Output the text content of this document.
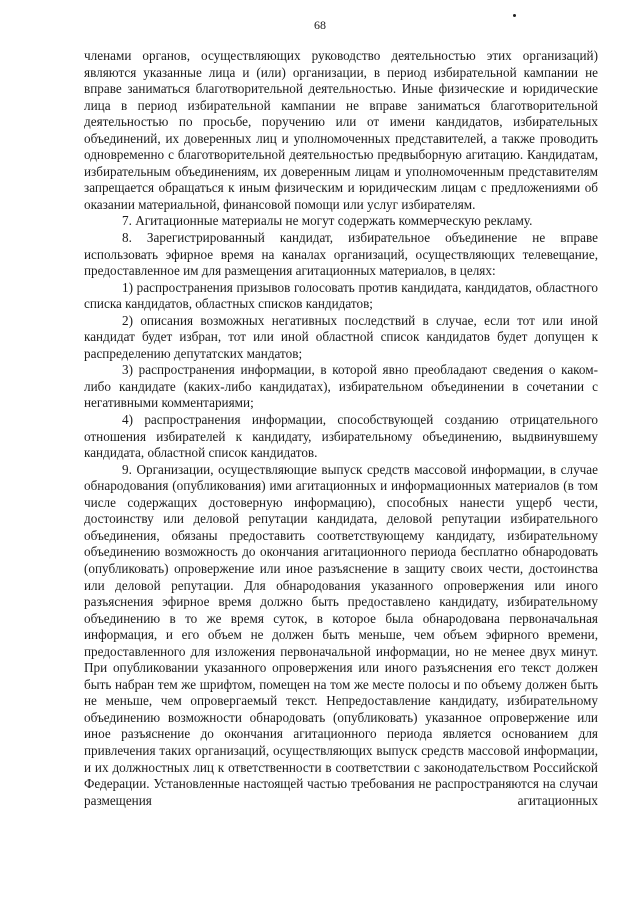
68

членами органов, осуществляющих руководство деятельностью этих организаций) являются указанные лица и (или) организации, в период избирательной кампании не вправе заниматься благотворительной деятельностью. Иные физические и юридические лица в период избирательной кампании не вправе заниматься благотворительной деятельностью по просьбе, поручению или от имени кандидатов, избирательных объединений, их доверенных лиц и уполномоченных представителей, а также проводить одновременно с благотворительной деятельностью предвыборную агитацию. Кандидатам, избирательным объединениям, их доверенным лицам и уполномоченным представителям запрещается обращаться к иным физическим и юридическим лицам с предложениями об оказании материальной, финансовой помощи или услуг избирателям.

7. Агитационные материалы не могут содержать коммерческую рекламу.

8. Зарегистрированный кандидат, избирательное объединение не вправе использовать эфирное время на каналах организаций, осуществляющих телевещание, предоставленное им для размещения агитационных материалов, в целях:

1) распространения призывов голосовать против кандидата, кандидатов, областного списка кандидатов, областных списков кандидатов;

2) описания возможных негативных последствий в случае, если тот или иной кандидат будет избран, тот или иной областной список кандидатов будет допущен к распределению депутатских мандатов;

3) распространения информации, в которой явно преобладают сведения о каком-либо кандидате (каких-либо кандидатах), избирательном объединении в сочетании с негативными комментариями;

4) распространения информации, способствующей созданию отрицательного отношения избирателей к кандидату, избирательному объединению, выдвинувшему кандидата, областной список кандидатов.

9. Организации, осуществляющие выпуск средств массовой информации, в случае обнародования (опубликования) ими агитационных и информационных материалов (в том числе содержащих достоверную информацию), способных нанести ущерб чести, достоинству или деловой репутации кандидата, деловой репутации избирательного объединения, обязаны предоставить соответствующему кандидату, избирательному объединению возможность до окончания агитационного периода бесплатно обнародовать (опубликовать) опровержение или иное разъяснение в защиту своих чести, достоинства или деловой репутации. Для обнародования указанного опровержения или иного разъяснения эфирное время должно быть предоставлено кандидату, избирательному объединению в то же время суток, в которое была обнародована первоначальная информация, и его объем не должен быть меньше, чем объем эфирного времени, предоставленного для изложения первоначальной информации, но не менее двух минут. При опубликовании указанного опровержения или иного разъяснения его текст должен быть набран тем же шрифтом, помещен на том же месте полосы и по объему должен быть не меньше, чем опровергаемый текст. Непредоставление кандидату, избирательному объединению возможности обнародовать (опубликовать) указанное опровержение или иное разъяснение до окончания агитационного периода является основанием для привлечения таких организаций, осуществляющих выпуск средств массовой информации, и их должностных лиц к ответственности в соответствии с законодательством Российской Федерации. Установленные настоящей частью требования не распространяются на случаи размещения агитационных
